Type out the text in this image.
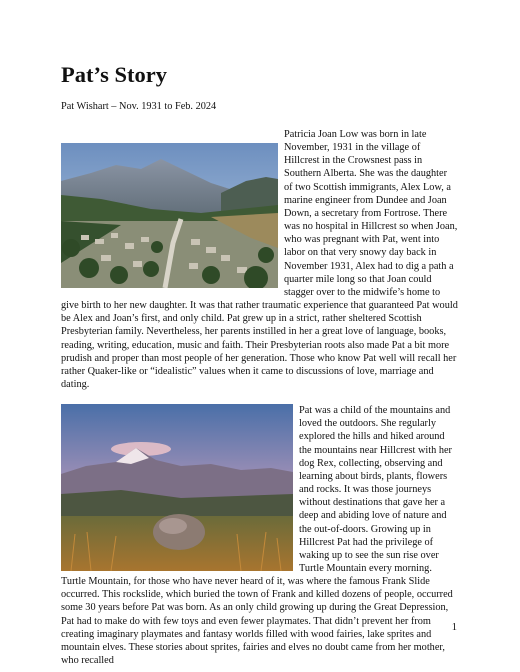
Pat’s Story
Pat Wishart – Nov. 1931 to Feb. 2024

Patricia Joan Low was born in late November, 1931 in the village of Hillcrest in the Crowsnest pass in Southern Alberta. She was the daughter of two Scottish immigrants, Alex Low, a marine engineer from Dundee and Joan Down, a secretary from Fortrose. There was no hospital in Hillcrest so when Joan, who was pregnant with Pat, went into labor on that very snowy day back in November 1931, Alex had to dig a path a quarter mile long so that Joan could stagger over to the midwife’s home to give birth to her new daughter. It was that rather traumatic experience that guaranteed Pat would be Alex and Joan’s first, and only child. Pat grew up in a strict, rather sheltered Scottish Presbyterian family. Nevertheless, her parents instilled in her a great love of language, books, reading, writing, education, music and faith. Their Presbyterian roots also made Pat a bit more prudish and proper than most people of her generation. Those who know Pat well will recall her rather Quaker-like or “idealistic” values when it came to discussions of love, marriage and dating.

Pat was a child of the mountains and loved the outdoors. She regularly explored the hills and hiked around the mountains near Hillcrest with her dog Rex, collecting, observing and learning about birds, plants, flowers and rocks. It was those journeys without destinations that gave her a deep and abiding love of nature and the out-of-doors. Growing up in Hillcrest Pat had the privilege of waking up to see the sun rise over Turtle Mountain every morning. Turtle Mountain, for those who have never heard of it, was where the famous Frank Slide occurred. This rockslide, which buried the town of Frank and killed dozens of people, occurred some 30 years before Pat was born. As an only child growing up during the Great Depression, Pat had to make do with few toys and even fewer playmates. That didn’t prevent her from creating imaginary playmates and fantasy worlds filled with wood fairies, lake sprites and mountain elves. These stories about sprites, fairies and elves no doubt came from her mother, who recalled

1
